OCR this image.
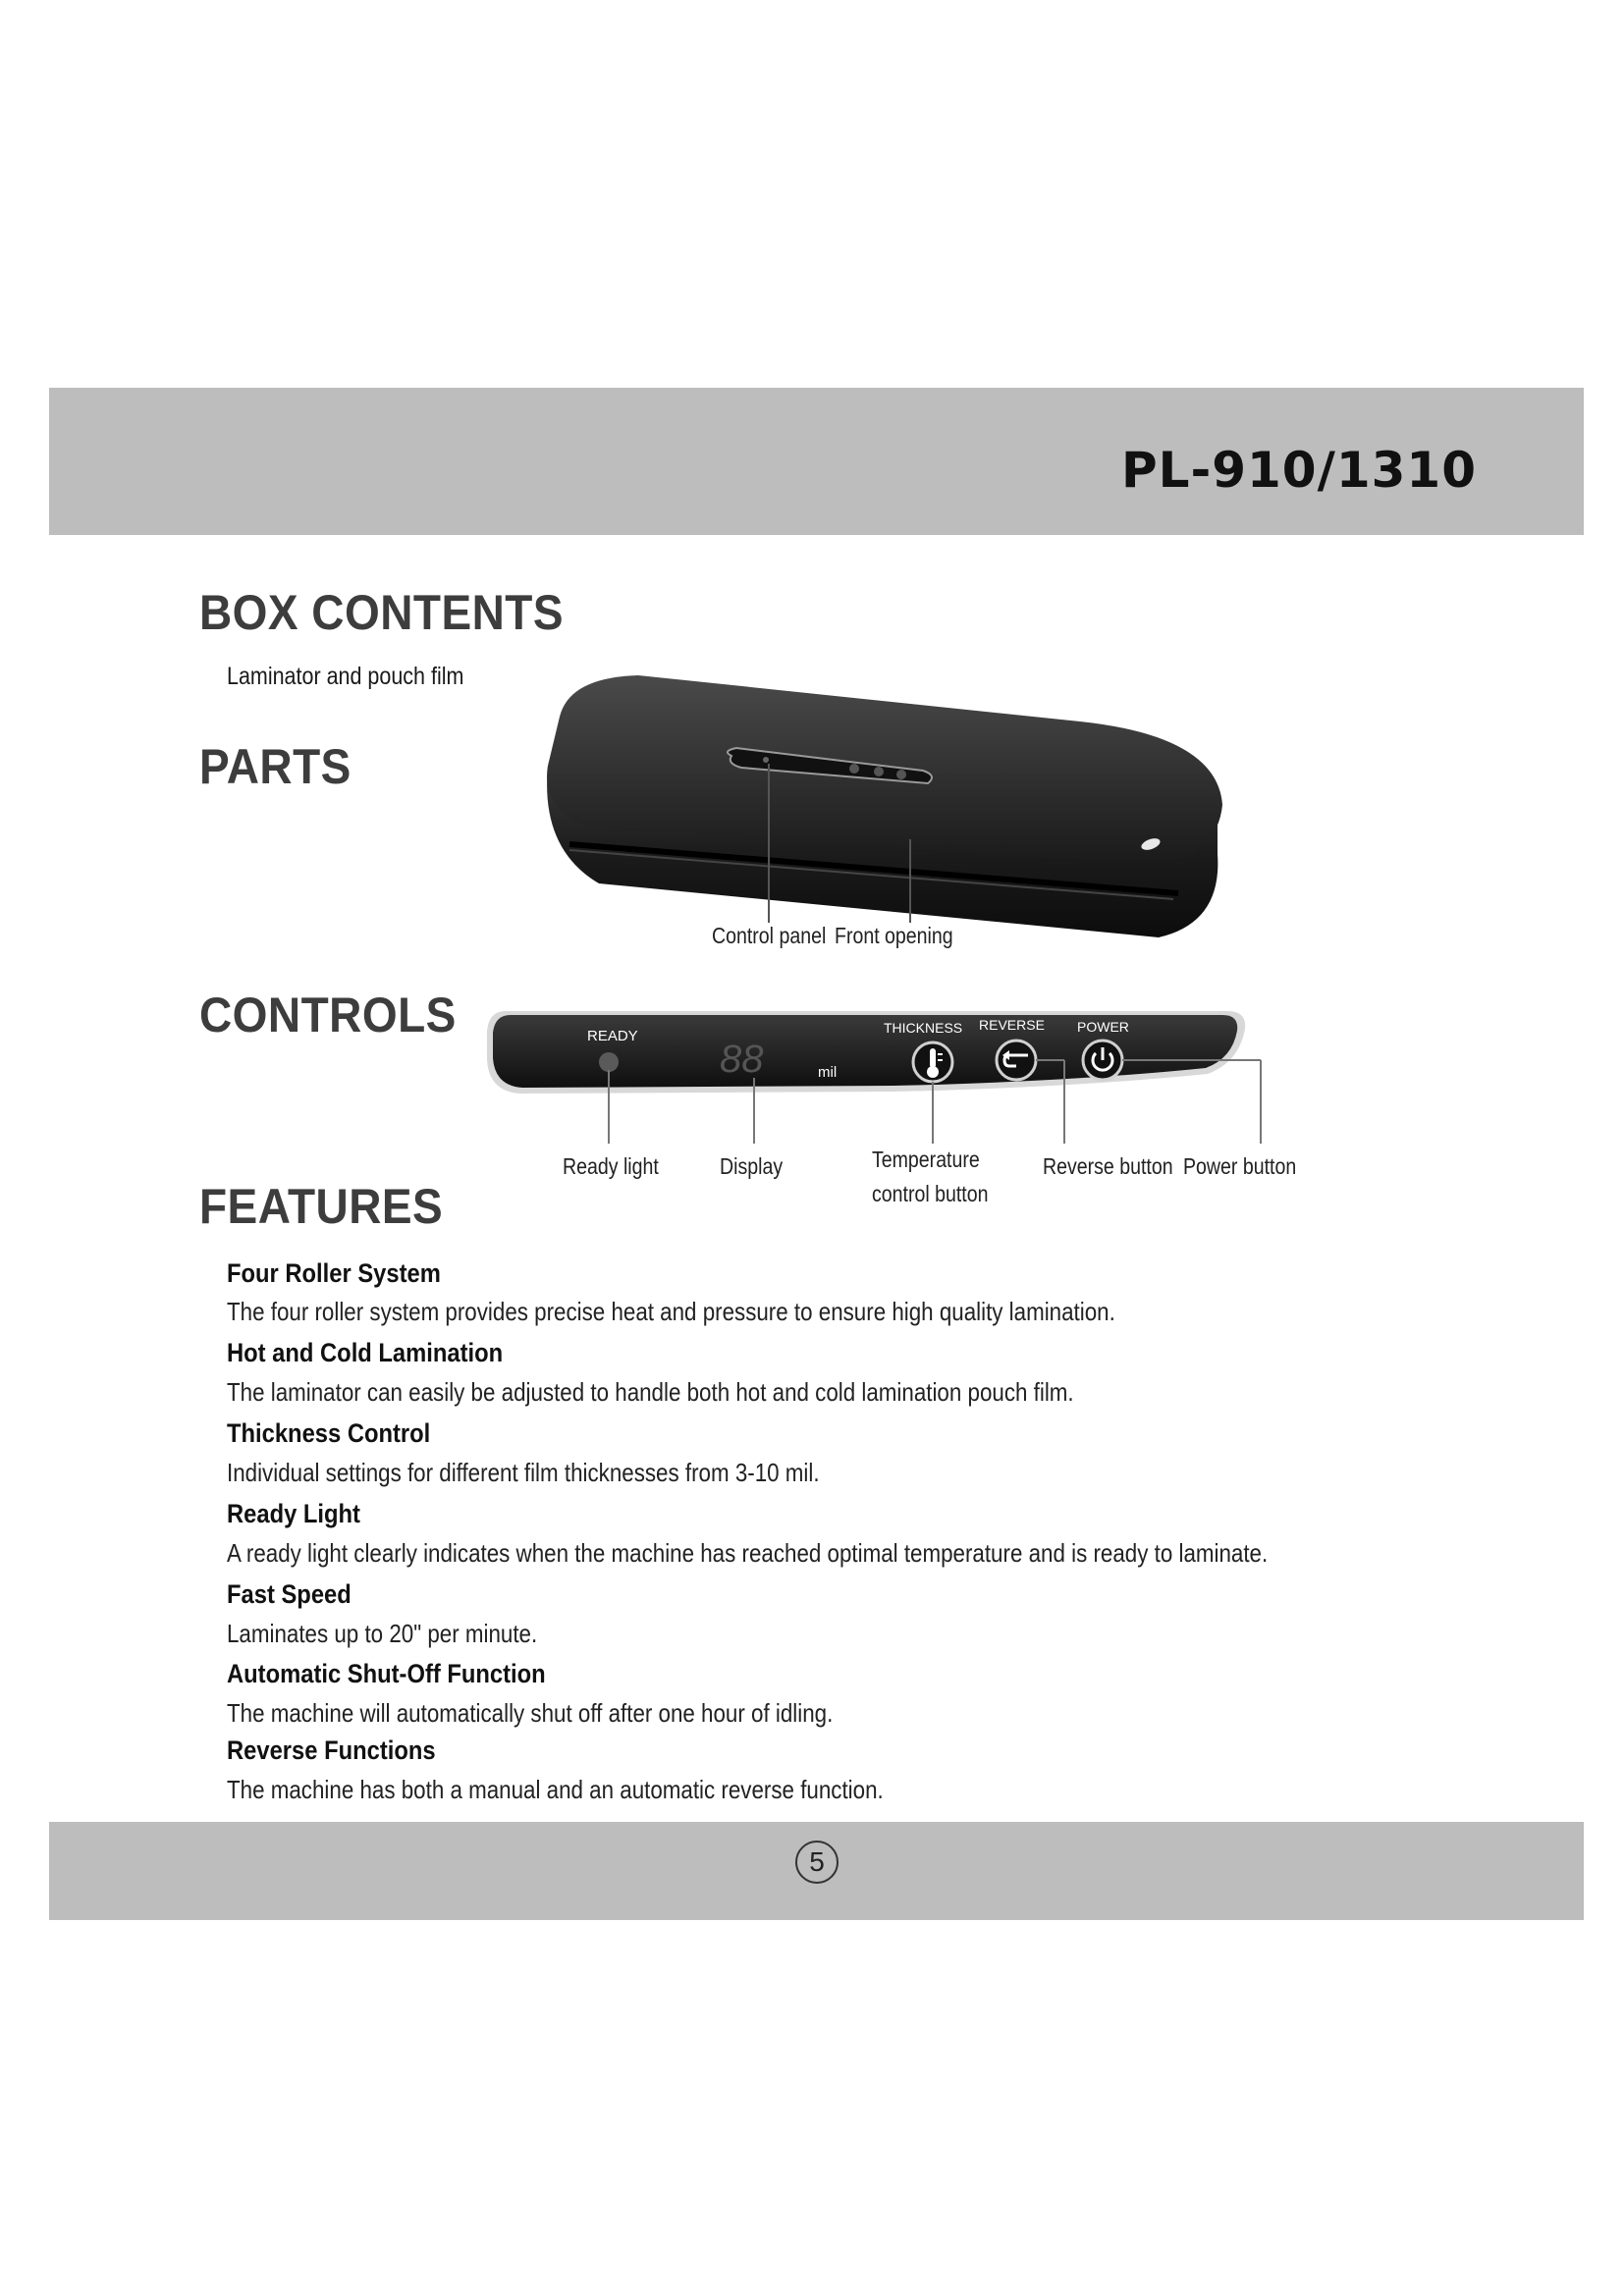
PL-910/1310
BOX CONTENTS
Laminator and pouch film
PARTS
CONTROLS
FEATURES
Control panel Front opening
READY
88	mil
THICKNESS REVERSE POWER
Ready light	Display	Temperature
control button
Reverse button Power button
Four Roller System
The four roller system provides precise heat and pressure to ensure high quality lamination.
Hot and Cold Lamination
The laminator can easily be adjusted to handle both hot and cold lamination pouch film.
Thickness Control
Individual settings for different film thicknesses from 3-10 mil.
Ready Light
A ready light clearly indicates when the machine has reached optimal temperature and is ready to laminate.
Fast Speed
Laminates up to 20" per minute.
Automatic Shut-Off Function
The machine will automatically shut off after one hour of idling.
Reverse Functions
The machine has both a manual and an automatic reverse function.
5
